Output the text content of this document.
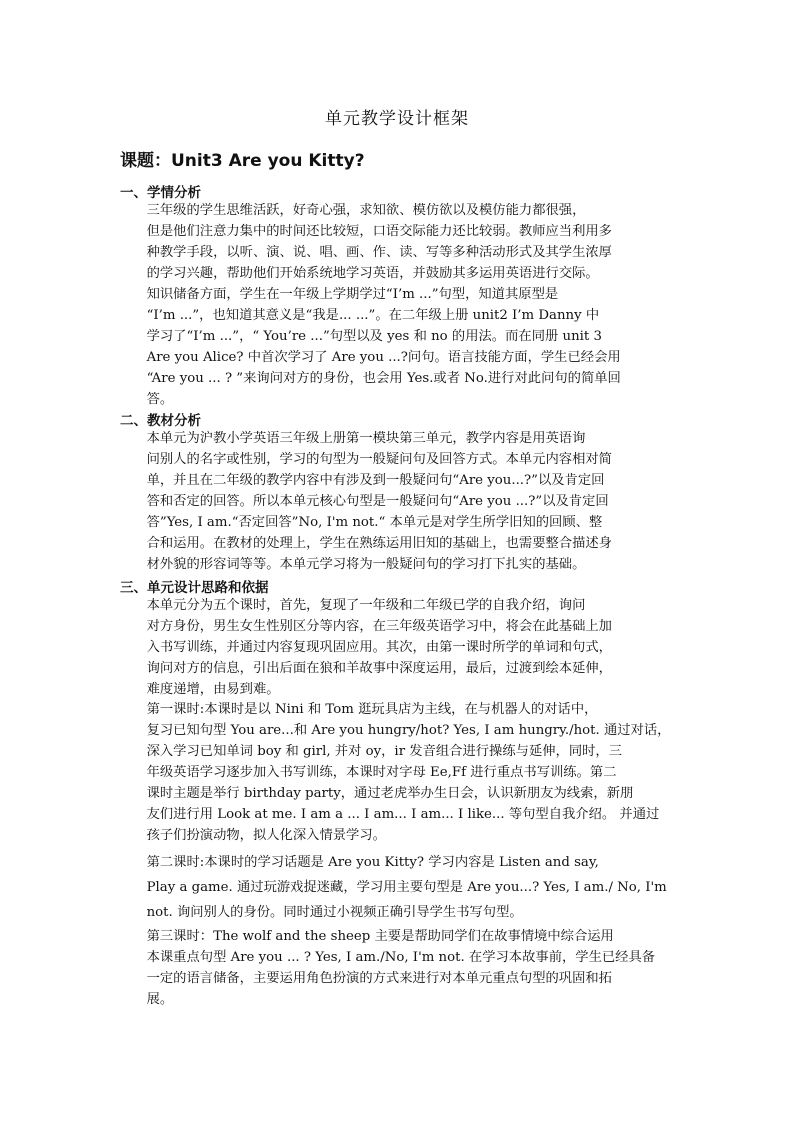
单元教学设计框架
课题：Unit3 Are you Kitty?
一、学情分析
三年级的学生思维活跃，好奇心强，求知欲、模仿欲以及模仿能力都很强，
但是他们注意力集中的时间还比较短，口语交际能力还比较弱。教师应当利用多
种教学手段，以听、演、说、唱、画、作、读、写等多种活动形式及其学生浓厚
的学习兴趣，帮助他们开始系统地学习英语，并鼓励其多运用英语进行交际。
知识储备方面，学生在一年级上学期学过“I’m ...”句型，知道其原型是
“I’m ...”，也知道其意义是“我是... ...”。在二年级上册 unit2 I’m Danny 中
学习了“I’m ...”，“ You’re ...”句型以及 yes 和 no 的用法。而在同册 unit 3
Are you Alice? 中首次学习了 Are you ...?问句。语言技能方面，学生已经会用
“Are you ... ? ”来询问对方的身份，也会用 Yes.或者 No.进行对此问句的简单回
答。
二、教材分析
本单元为沪教小学英语三年级上册第一模块第三单元，教学内容是用英语询
问别人的名字或性别，学习的句型为一般疑问句及回答方式。本单元内容相对简
单，并且在二年级的教学内容中有涉及到一般疑问句“Are you...?”以及肯定回
答和否定的回答。所以本单元核心句型是一般疑问句“Are you ...?”以及肯定回
答”Yes, I am.“否定回答”No, I'm not.“ 本单元是对学生所学旧知的回顾、整
合和运用。在教材的处理上，学生在熟练运用旧知的基础上，也需要整合描述身
材外貌的形容词等等。本单元学习将为一般疑问句的学习打下扎实的基础。
三、单元设计思路和依据
本单元分为五个课时，首先，复现了一年级和二年级已学的自我介绍，询问
对方身份，男生女生性别区分等内容，在三年级英语学习中，将会在此基础上加
入书写训练，并通过内容复现巩固应用。其次，由第一课时所学的单词和句式，
询问对方的信息，引出后面在狼和羊故事中深度运用，最后，过渡到绘本延伸，
难度递增，由易到难。
第一课时:本课时是以 Nini 和 Tom 逛玩具店为主线，在与机器人的对话中，
复习已知句型 You are...和 Are you hungry/hot? Yes, I am hungry./hot. 通过对话，
深入学习已知单词 boy 和 girl, 并对 oy，ir 发音组合进行操练与延伸，同时，三
年级英语学习逐步加入书写训练，本课时对字母 Ee,Ff 进行重点书写训练。第二
课时主题是举行 birthday party，通过老虎举办生日会，认识新朋友为线索，新朋
友们进行用 Look at me. I am a ... I am... I am... I like... 等句型自我介绍。 并通过
孩子们扮演动物，拟人化深入情景学习。
第二课时:本课时的学习话题是 Are you Kitty? 学习内容是 Listen and say,
Play a game. 通过玩游戏捉迷藏，学习用主要句型是 Are you...? Yes, I am./ No, I'm
not. 询问别人的身份。同时通过小视频正确引导学生书写句型。
第三课时：The wolf and the sheep 主要是帮助同学们在故事情境中综合运用
本课重点句型 Are you ... ? Yes, I am./No, I'm not. 在学习本故事前，学生已经具备
一定的语言储备，主要运用角色扮演的方式来进行对本单元重点句型的巩固和拓
展。
